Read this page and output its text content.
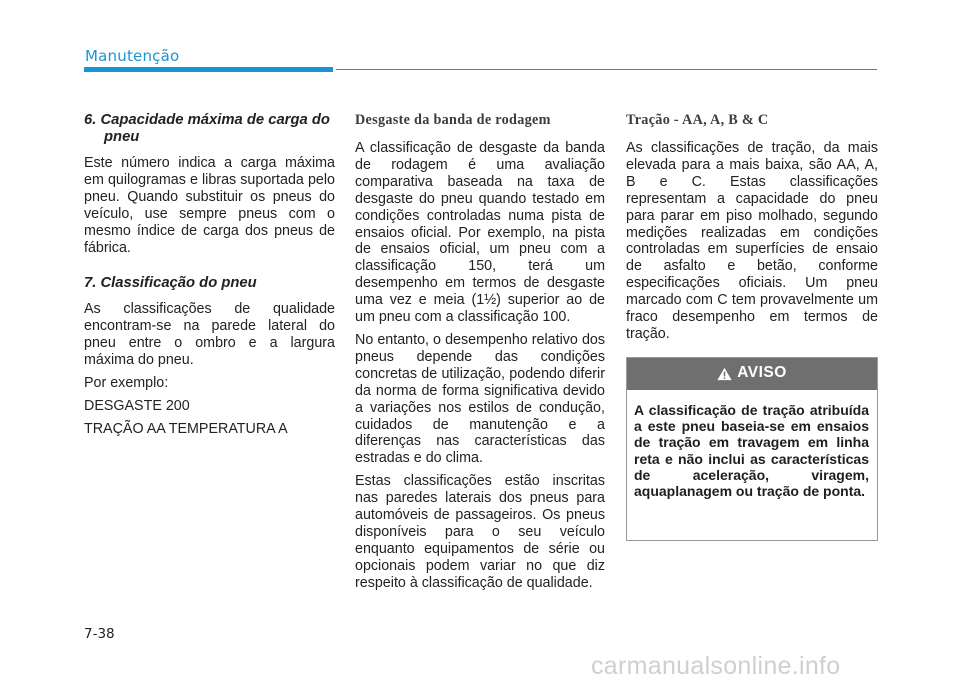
Manutenção
6. Capacidade máxima de carga do pneu

Este número indica a carga máxima em quilogramas e libras suportada pelo pneu. Quando substituir os pneus do veículo, use sempre pneus com o mesmo índice de carga dos pneus de fábrica.

7. Classificação do pneu

As classificações de qualidade encontram-se na parede lateral do pneu entre o ombro e a largura máxima do pneu.

Por exemplo:
DESGASTE 200
TRAÇÃO AA TEMPERATURA A
Desgaste da banda de rodagem

A classificação de desgaste da banda de rodagem é uma avaliação comparativa baseada na taxa de desgaste do pneu quando testado em condições controladas numa pista de ensaios oficial. Por exemplo, na pista de ensaios oficial, um pneu com a classificação 150, terá um desempenho em termos de desgaste uma vez e meia (1½) superior ao de um pneu com a classificação 100.

No entanto, o desempenho relativo dos pneus depende das condições concretas de utilização, podendo diferir da norma de forma significativa devido a variações nos estilos de condução, cuidados de manutenção e a diferenças nas características das estradas e do clima.

Estas classificações estão inscritas nas paredes laterais dos pneus para automóveis de passageiros. Os pneus disponíveis para o seu veículo enquanto equipamentos de série ou opcionais podem variar no que diz respeito à classificação de qualidade.

Tração - AA, A, B & C

As classificações de tração, da mais elevada para a mais baixa, são AA, A, B e C. Estas classificações representam a capacidade do pneu para parar em piso molhado, segundo medições realizadas em condições controladas em superfícies de ensaio de asfalto e betão, conforme especificações oficiais. Um pneu marcado com C tem provavelmente um fraco desempenho em termos de tração.

AVISO
A classificação de tração atribuída a este pneu baseia-se em ensaios de tração em travagem em linha reta e não inclui as características de aceleração, viragem, aquaplanagem ou tração de ponta.
7-38
carmanualsonline.info
